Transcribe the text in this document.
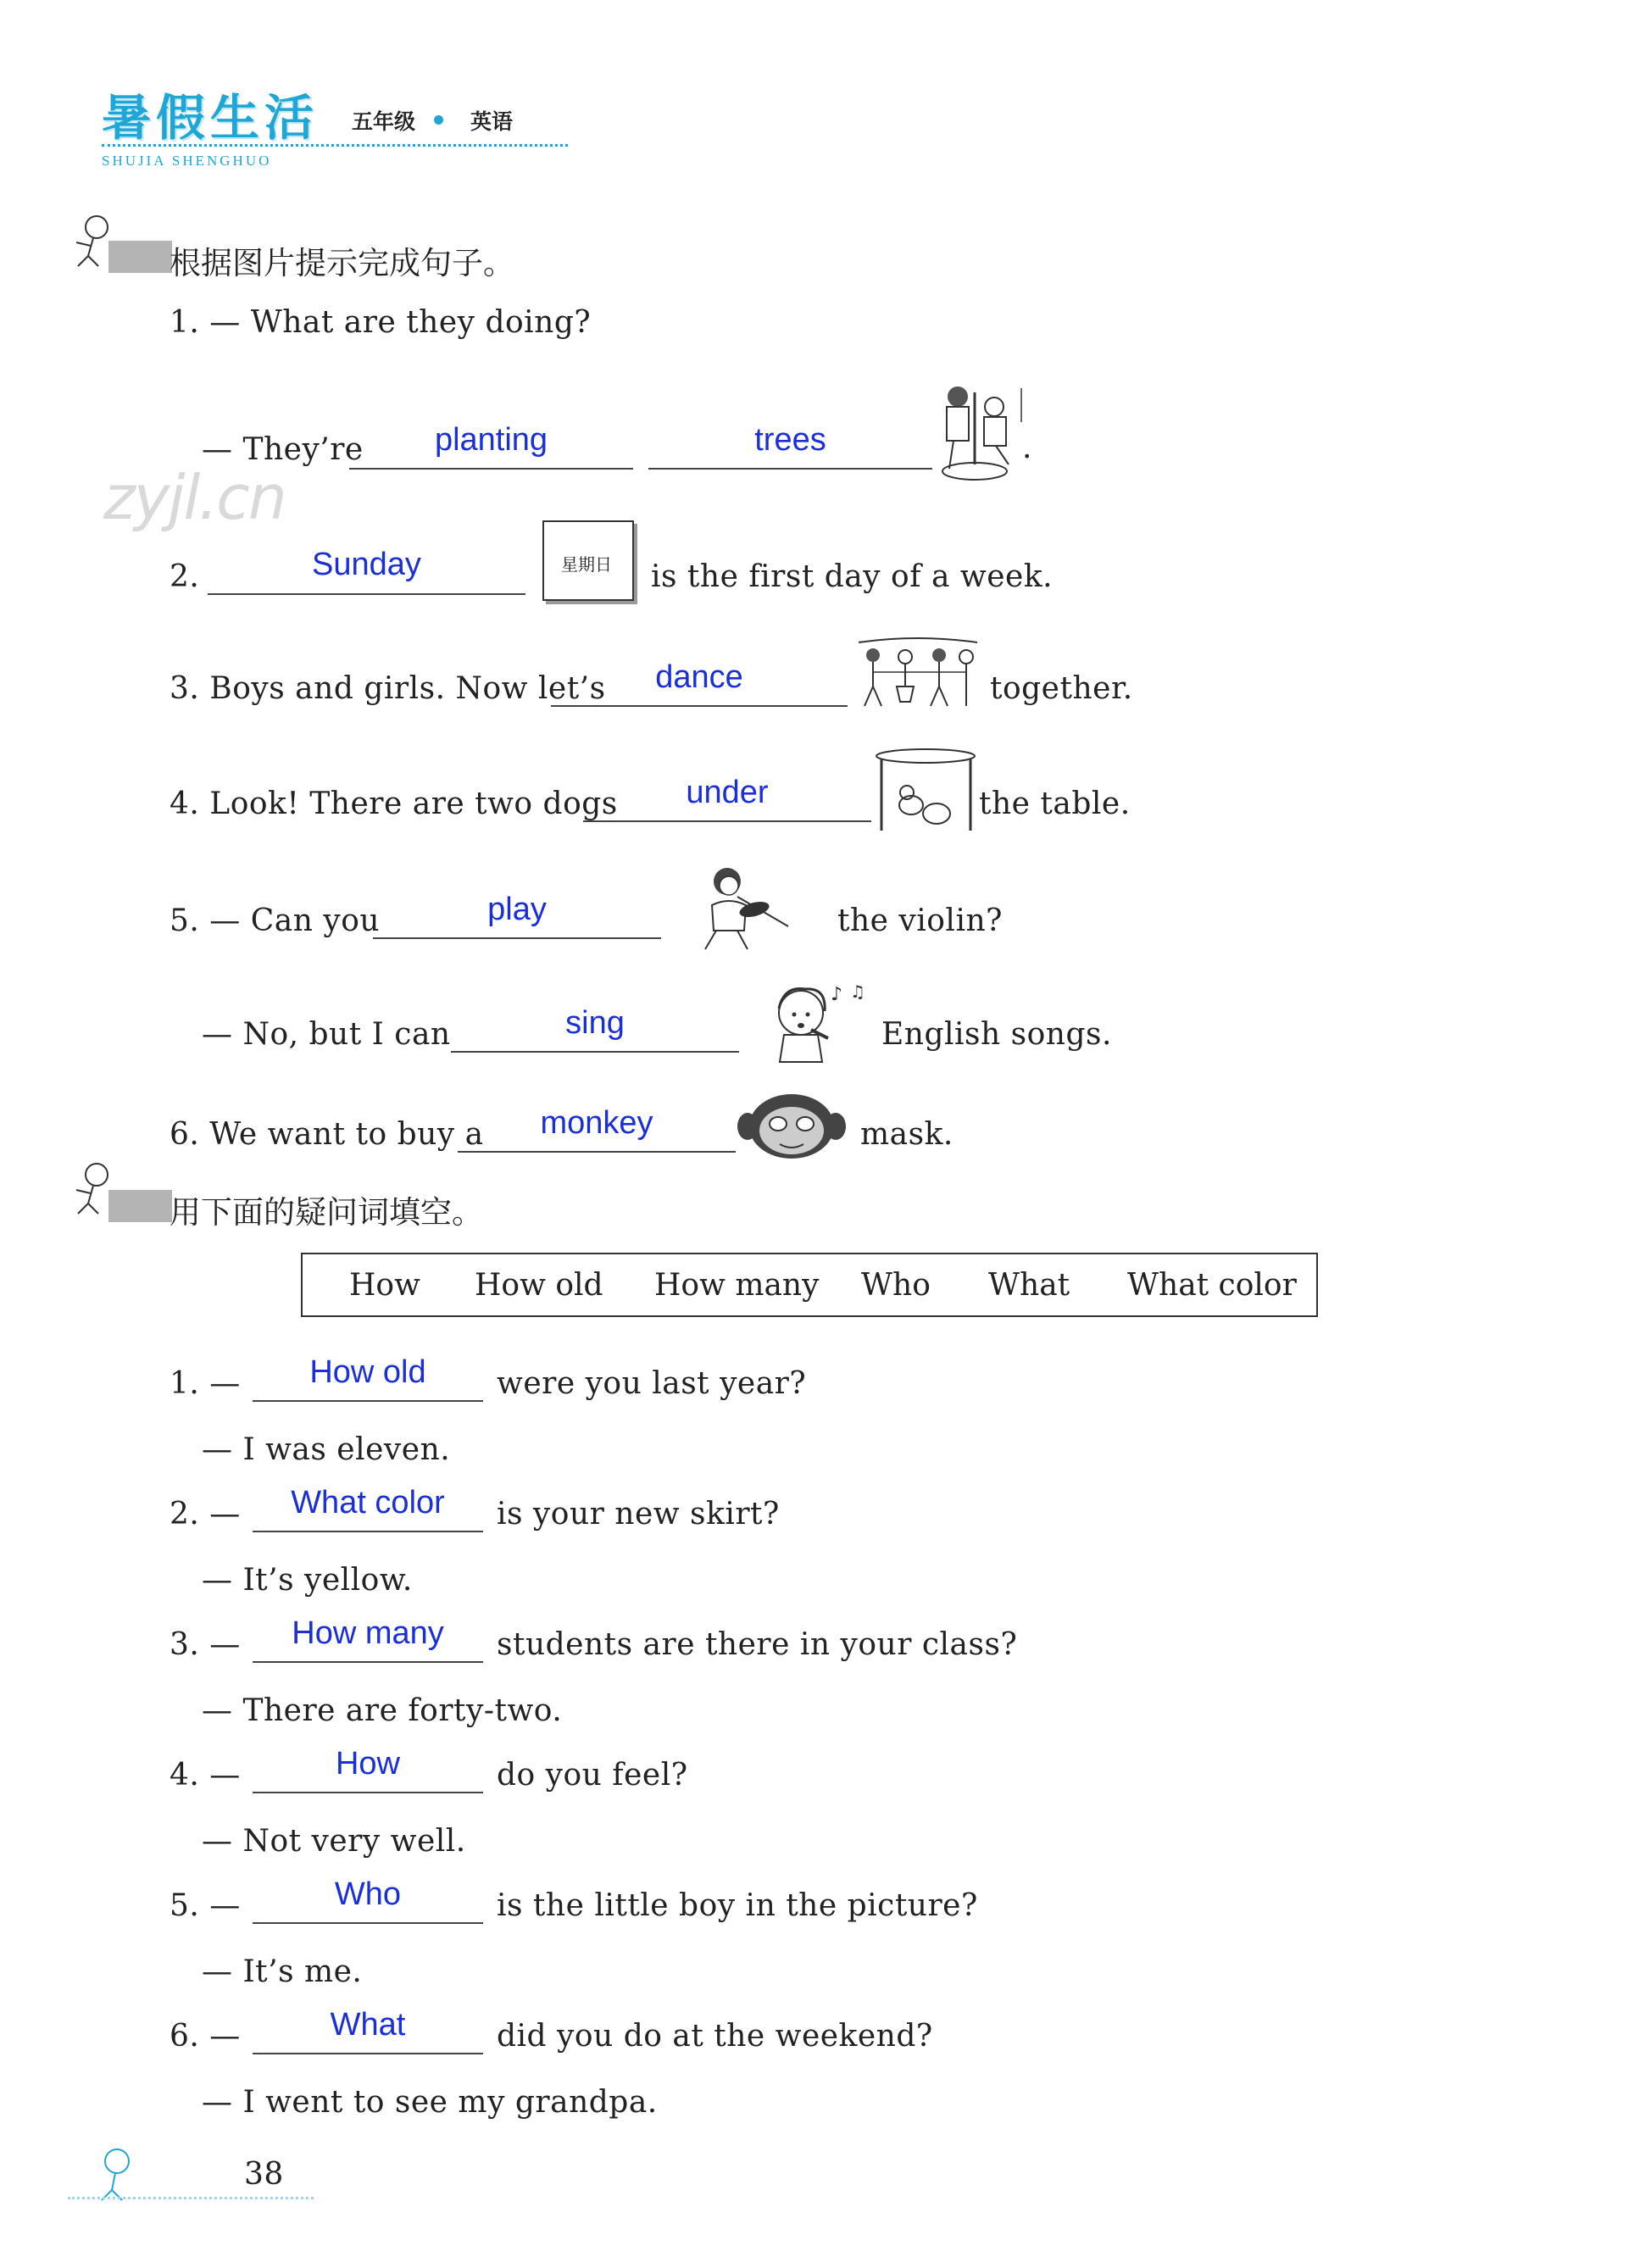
暑假生活 五年级	英语
SHUJIA SHENGHUO
zyjl.cn
根据图片提示完成句子。
1. — What are they doing?
— They’re	planting	trees	.
2.	Sunday	星期日 is the first day of a week.
3. Boys and girls. Now let’s	dance	together.
4. Look! There are two dogs	under	the table.
5. — Can you	play	the violin?
— No, but I can	sing
♪ ♫
English songs.
6. We want to buy a	monkey	mask.
用下面的疑问词填空。
How How old How many Who What What color
1. —	How old	were you last year?
— I was eleven.
2. —	What color	is your new skirt?
— It’s yellow.
3. —	How many	students are there in your class?
— There are forty-two.
4. —	How	do you feel?
— Not very well.
5. —	Who	is the little boy in the picture?
— It’s me.
6. —	What	did you do at the weekend?
— I went to see my grandpa.
38
